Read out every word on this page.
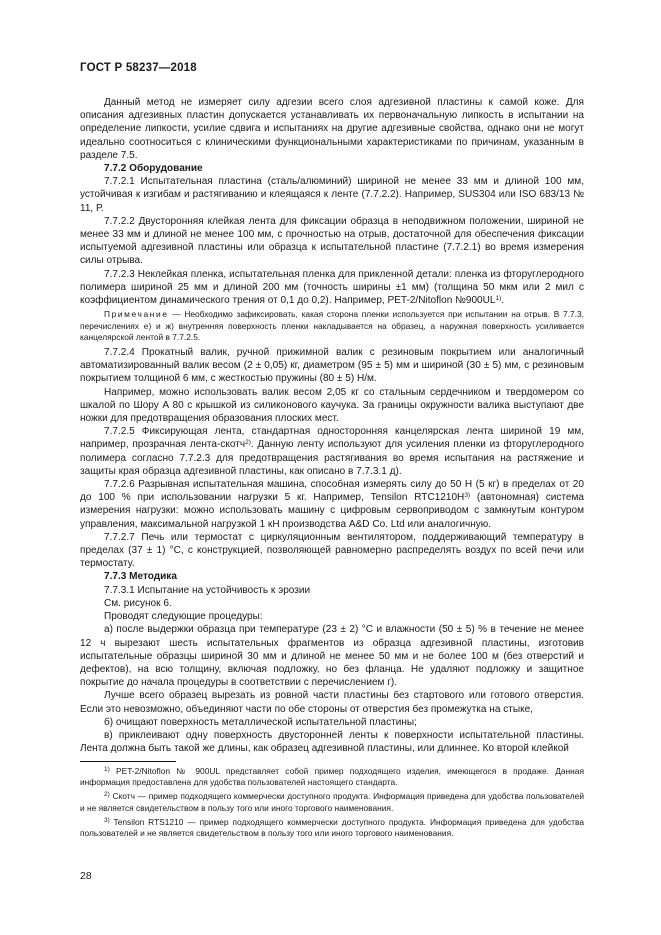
ГОСТ Р 58237—2018

Данный метод не измеряет силу адгезии всего слоя адгезивной пластины к самой коже. Для описания адгезивных пластин допускается устанавливать их первоначальную липкость в испытании на определение липкости, усилие сдвига и испытаниях на другие адгезивные свойства, однако они не могут идеально соотноситься с клиническими функциональными характеристиками по причинам, указанным в разделе 7.5.

7.7.2 Оборудование

7.7.2.1 Испытательная пластина (сталь/алюминий) шириной не менее 33 мм и длиной 100 мм, устойчивая к изгибам и растягиванию и клеящаяся к ленте (7.7.2.2). Например, SUS304 или ISO 683/13 № 11, Р.

7.7.2.2 Двусторонняя клейкая лента для фиксации образца в неподвижном положении, шириной не менее 33 мм и длиной не менее 100 мм, с прочностью на отрыв, достаточной для обеспечения фиксации испытуемой адгезивной пластины или образца к испытательной пластине (7.7.2.1) во время измерения силы отрыва.

7.7.2.3 Неклейкая пленка, испытательная пленка для прикленной детали: пленка из фторуглеродного полимера шириной 25 мм и длиной 200 мм (точность ширины ±1 мм) (толщина 50 мкм или 2 мил с коэффициентом динамического трения от 0,1 до 0,2). Например, PET-2/Nitoflon №900UL$^{1)}$.

Примечание — Необходимо зафиксировать, какая сторона пленки используется при испытании на отрыв. В 7.7.3, перечислениях е) и ж) внутренняя поверхность пленки накладывается на образец, а наружная поверхность усиливается канцелярской лентой в 7.7.2.5.

7.7.2.4 Прокатный валик, ручной прижимной валик с резиновым покрытием или аналогичный автоматизированный валик весом (2 ± 0,05) кг, диаметром (95 ± 5) мм и шириной (30 ± 5) мм, с резиновым покрытием толщиной 6 мм, с жесткостью пружины (80 ± 5) Н/м.

Например, можно использовать валик весом 2,05 кг со стальным сердечником и твердомером со шкалой по Шору А 80 с крышкой из силиконового каучука. За границы окружности валика выступают две ножки для предотвращения образования плоских мест.

7.7.2.5 Фиксирующая лента, стандартная односторонняя канцелярская лента шириной 19 мм, например, прозрачная лента-скотч$^{2)}$. Данную ленту используют для усиления пленки из фторуглеродного полимера согласно 7.7.2.3 для предотвращения растягивания во время испытания на растяжение и защиты края образца адгезивной пластины, как описано в 7.7.3.1 д).

7.7.2.6 Разрывная испытательная машина, способная измерять силу до 50 Н (5 кг) в пределах от 20 до 100 % при использовании нагрузки 5 кг. Например, Tensilon $RTC1210H^{3)}$ (автономная) система измерения нагрузки: можно использовать машину с цифровым сервоприводом с замкнутым контуром управления, максимальной нагрузкой 1 кН производства A&D Co. Ltd или аналогичную.

7.7.2.7 Печь или термостат с циркуляционным вентилятором, поддерживающий температуру в пределах (37 ± 1) °С, с конструкцией, позволяющей равномерно распределять воздух по всей печи или термостату.

7.7.3 Методика

7.7.3.1 Испытание на устойчивость к эрозии

См. рисунок 6.

Проводят следующие процедуры:

а) после выдержки образца при температуре (23 ± 2) °С и влажности (50 ± 5) % в течение не менее 12 ч вырезают шесть испытательных фрагментов из образца адгезивной пластины, изготовив испытательные образцы шириной 30 мм и длиной не менее 50 мм и не более 100 м (без отверстий и дефектов), на всю толщину, включая подложку, но без фланца. Не удаляют подложку и защитное покрытие до начала процедуры в соответствии с перечислением г).

Лучше всего образец вырезать из ровной части пластины без стартового или готового отверстия. Если это невозможно, объединяют части по обе стороны от отверстия без промежутка на стыке,

б) очищают поверхность металлической испытательной пластины;

в) приклеивают одну поверхность двусторонней ленты к поверхности испытательной пластины. Лента должна быть такой же длины, как образец адгезивной пластины, или длиннее. Ко второй клейкой

$^{1)}$ PET-2/Nitoflon № 900UL представляет собой пример подходящего изделия, имеющегося в продаже. Данная информация предоставлена для удобства пользователей настоящего стандарта.

$^{2)}$ Скотч — пример подходящего коммерчески доступного продукта. Информация приведена для удобства пользователей и не является свидетельством в пользу того или иного торгового наименования.

$^{3)}$ Tensilon RTS1210 — пример подходящего коммерчески доступного продукта. Информация приведена для удобства пользователей и не является свидетельством в пользу того или иного торгового наименования.

28
